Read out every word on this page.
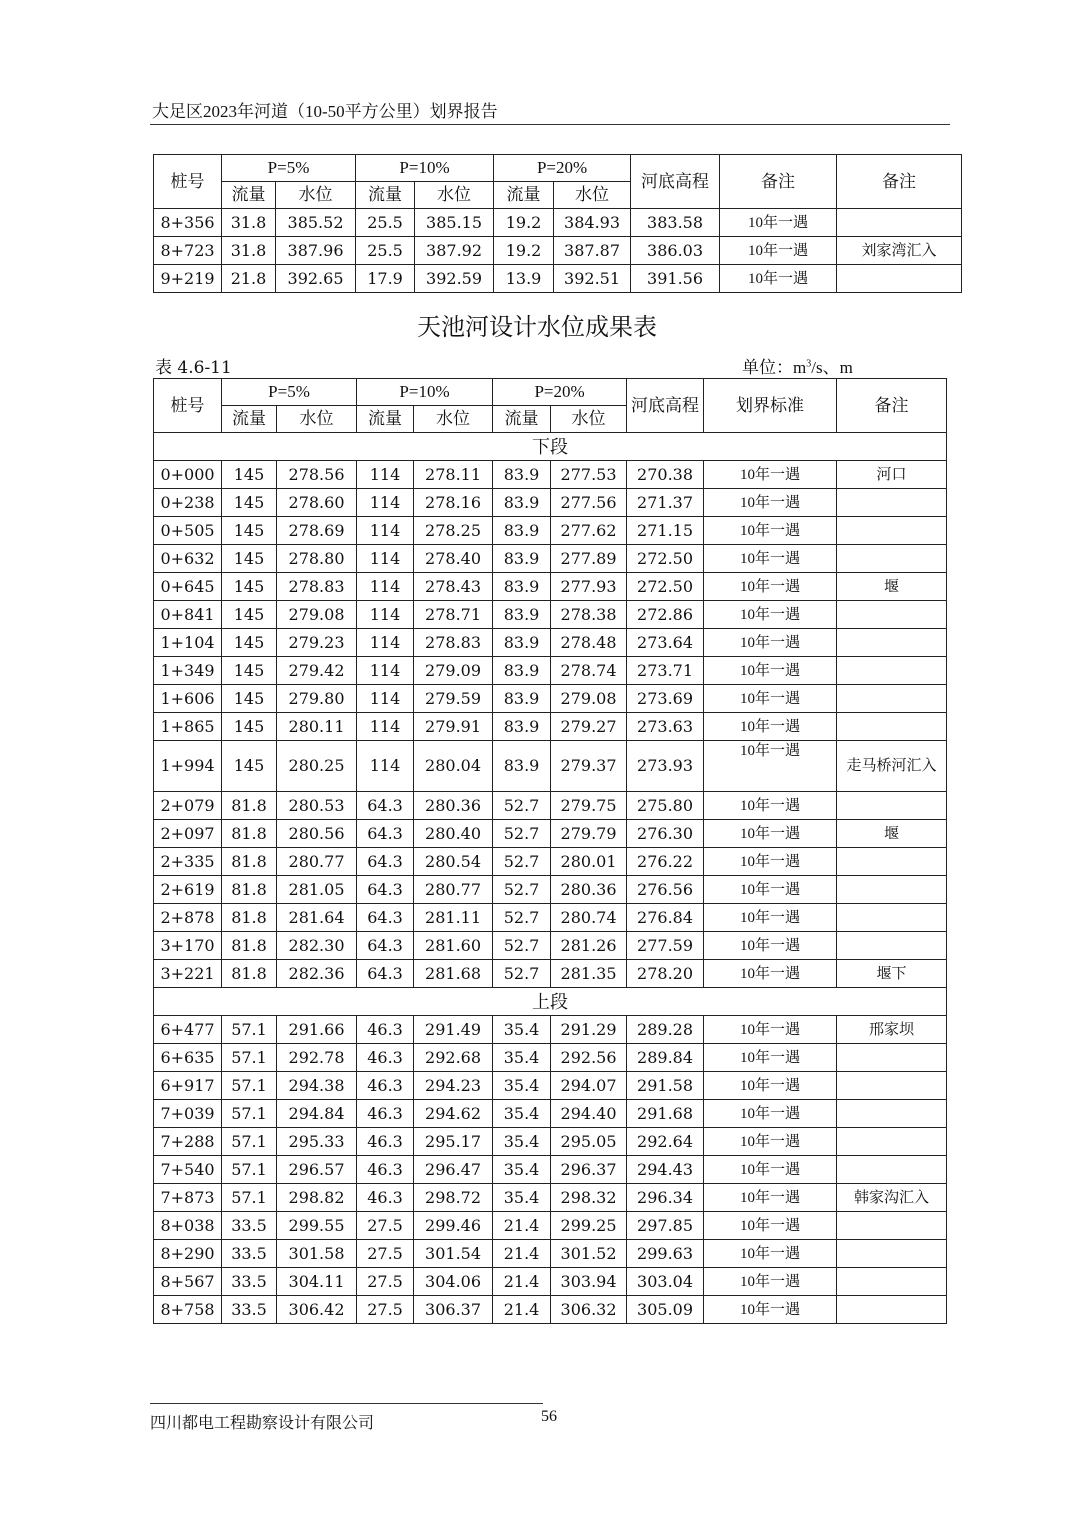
大足区2023年河道（10-50平方公里）划界报告
桩号	P=5%		P=10%		P=20%		河底高程	备注	备注
	流量	水位	流量	水位	流量	水位			
8+356	31.8	385.52	25.5	385.15	19.2	384.93	383.58	10年一遇	
8+723	31.8	387.96	25.5	387.92	19.2	387.87	386.03	10年一遇	刘家湾汇入
9+219	21.8	392.65	17.9	392.59	13.9	392.51	391.56	10年一遇	
天池河设计水位成果表
表 4.6-11	单位：$m^3/s$、m
桩号	P=5%		P=10%		P=20%		河底高程	划界标准	备注
	流量	水位	流量	水位	流量	水位			
下段									
0+000	145	278.56	114	278.11	83.9	277.53	270.38	10年一遇	河口
0+238	145	278.60	114	278.16	83.9	277.56	271.37	10年一遇	
0+505	145	278.69	114	278.25	83.9	277.62	271.15	10年一遇	
0+632	145	278.80	114	278.40	83.9	277.89	272.50	10年一遇	
0+645	145	278.83	114	278.43	83.9	277.93	272.50	10年一遇	堰
0+841	145	279.08	114	278.71	83.9	278.38	272.86	10年一遇	
1+104	145	279.23	114	278.83	83.9	278.48	273.64	10年一遇	
1+349	145	279.42	114	279.09	83.9	278.74	273.71	10年一遇	
1+606	145	279.80	114	279.59	83.9	279.08	273.69	10年一遇	
1+865	145	280.11	114	279.91	83.9	279.27	273.63	10年一遇	
1+994	145	280.25	114	280.04	83.9	279.37	273.93	10年一遇	走马桥河汇入
2+079	81.8	280.53	64.3	280.36	52.7	279.75	275.80	10年一遇	
2+097	81.8	280.56	64.3	280.40	52.7	279.79	276.30	10年一遇	堰
2+335	81.8	280.77	64.3	280.54	52.7	280.01	276.22	10年一遇	
2+619	81.8	281.05	64.3	280.77	52.7	280.36	276.56	10年一遇	
2+878	81.8	281.64	64.3	281.11	52.7	280.74	276.84	10年一遇	
3+170	81.8	282.30	64.3	281.60	52.7	281.26	277.59	10年一遇	
3+221	81.8	282.36	64.3	281.68	52.7	281.35	278.20	10年一遇	堰下
上段									
6+477	57.1	291.66	46.3	291.49	35.4	291.29	289.28	10年一遇	邢家坝
6+635	57.1	292.78	46.3	292.68	35.4	292.56	289.84	10年一遇	
6+917	57.1	294.38	46.3	294.23	35.4	294.07	291.58	10年一遇	
7+039	57.1	294.84	46.3	294.62	35.4	294.40	291.68	10年一遇	
7+288	57.1	295.33	46.3	295.17	35.4	295.05	292.64	10年一遇	
7+540	57.1	296.57	46.3	296.47	35.4	296.37	294.43	10年一遇	
7+873	57.1	298.82	46.3	298.72	35.4	298.32	296.34	10年一遇	韩家沟汇入
8+038	33.5	299.55	27.5	299.46	21.4	299.25	297.85	10年一遇	
8+290	33.5	301.58	27.5	301.54	21.4	301.52	299.63	10年一遇	
8+567	33.5	304.11	27.5	304.06	21.4	303.94	303.04	10年一遇	
8+758	33.5	306.42	27.5	306.37	21.4	306.32	305.09	10年一遇	
四川都电工程勘察设计有限公司	56
